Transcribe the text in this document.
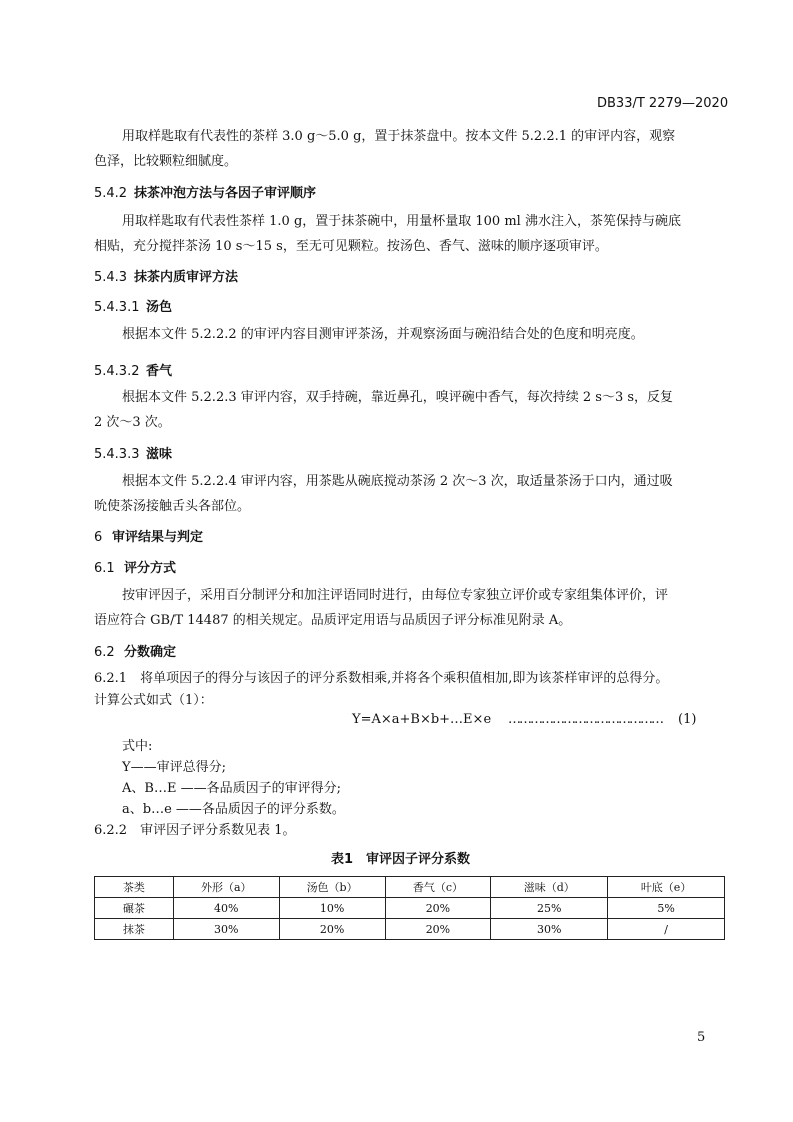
DB33/T 2279—2020
用取样匙取有代表性的茶样 3.0 g～5.0 g，置于抹茶盘中。按本文件 5.2.2.1 的审评内容，观察
色泽，比较颗粒细腻度。
5.4.2 抹茶冲泡方法与各因子审评顺序
用取样匙取有代表性茶样 1.0 g，置于抹茶碗中，用量杯量取 100 ml 沸水注入，茶筅保持与碗底
相贴，充分搅拌茶汤 10 s～15 s，至无可见颗粒。按汤色、香气、滋味的顺序逐项审评。
5.4.3 抹茶内质审评方法
5.4.3.1 汤色
根据本文件 5.2.2.2 的审评内容目测审评茶汤，并观察汤面与碗沿结合处的色度和明亮度。
5.4.3.2 香气
根据本文件 5.2.2.3 审评内容，双手持碗，靠近鼻孔，嗅评碗中香气，每次持续 2 s～3 s，反复
2 次～3 次。
5.4.3.3 滋味
根据本文件 5.2.2.4 审评内容，用茶匙从碗底搅动茶汤 2 次～3 次，取适量茶汤于口内，通过吸
吮使茶汤接触舌头各部位。
6 审评结果与判定
6.1 评分方式
按审评因子，采用百分制评分和加注评语同时进行，由每位专家独立评价或专家组集体评价，评
语应符合 GB/T 14487 的相关规定。品质评定用语与品质因子评分标准见附录 A。
6.2 分数确定
6.2.1　将单项因子的得分与该因子的评分系数相乘,并将各个乘积值相加,即为该茶样审评的总得分。
计算公式如式（1）：
Y=A×a+B×b+…E×e …………………………………… (1)
式中:
Y——审评总得分;
A、B…E ——各品质因子的审评得分;
a、b…e ——各品质因子的评分系数。
6.2.2　审评因子评分系数见表 1。
表1　审评因子评分系数
茶类	外形（a）	汤色（b）	香气（c）	滋味（d）	叶底（e）
碾茶	40%	10%	20%	25%	5%
抹茶	30%	20%	20%	30%	/
5
